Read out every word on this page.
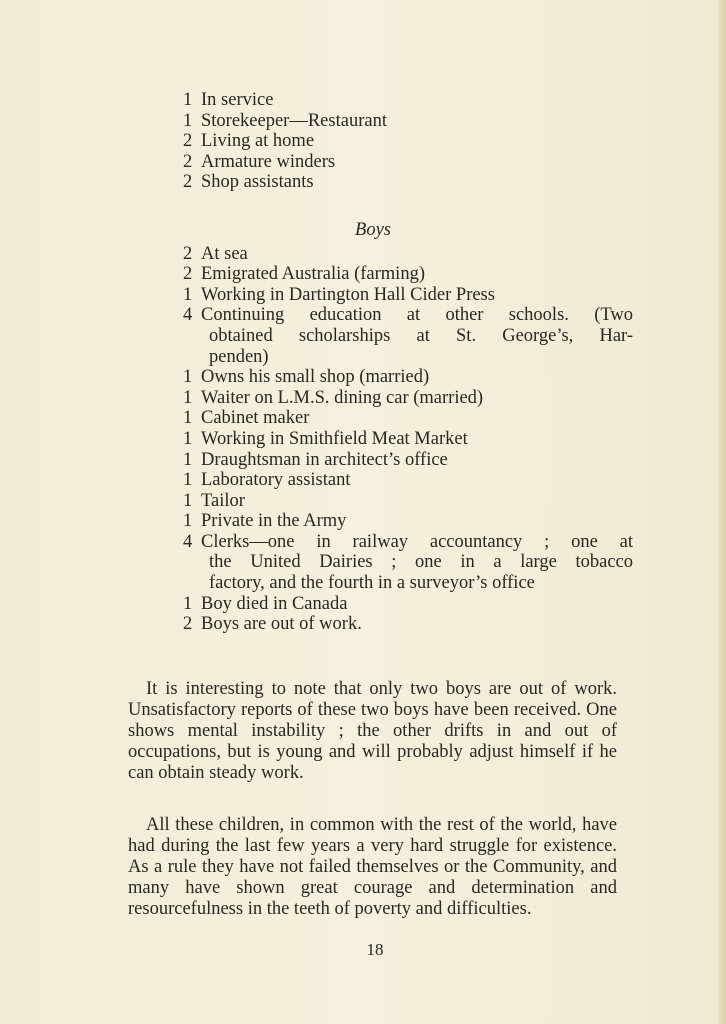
1 In service
1 Storekeeper—Restaurant
2 Living at home
2 Armature winders
2 Shop assistants
Boys
2 At sea
2 Emigrated Australia (farming)
1 Working in Dartington Hall Cider Press
4 Continuing education at other schools. (Two
obtained scholarships at St. George’s, Har-
penden)
1 Owns his small shop (married)
1 Waiter on L.M.S. dining car (married)
1 Cabinet maker
1 Working in Smithfield Meat Market
1 Draughtsman in architect’s office
1 Laboratory assistant
1 Tailor
1 Private in the Army
4 Clerks—one in railway accountancy ; one at
the United Dairies ; one in a large tobacco
factory, and the fourth in a surveyor’s office
1 Boy died in Canada
2 Boys are out of work.

It is interesting to note that only two boys are out of work. Unsatisfactory reports of these two boys have been received. One shows mental instability ; the other drifts in and out of occupations, but is young and will probably adjust himself if he can obtain steady work.

All these children, in common with the rest of the world, have had during the last few years a very hard struggle for existence. As a rule they have not failed themselves or the Community, and many have shown great courage and determination and resourcefulness in the teeth of poverty and difficulties.

18
